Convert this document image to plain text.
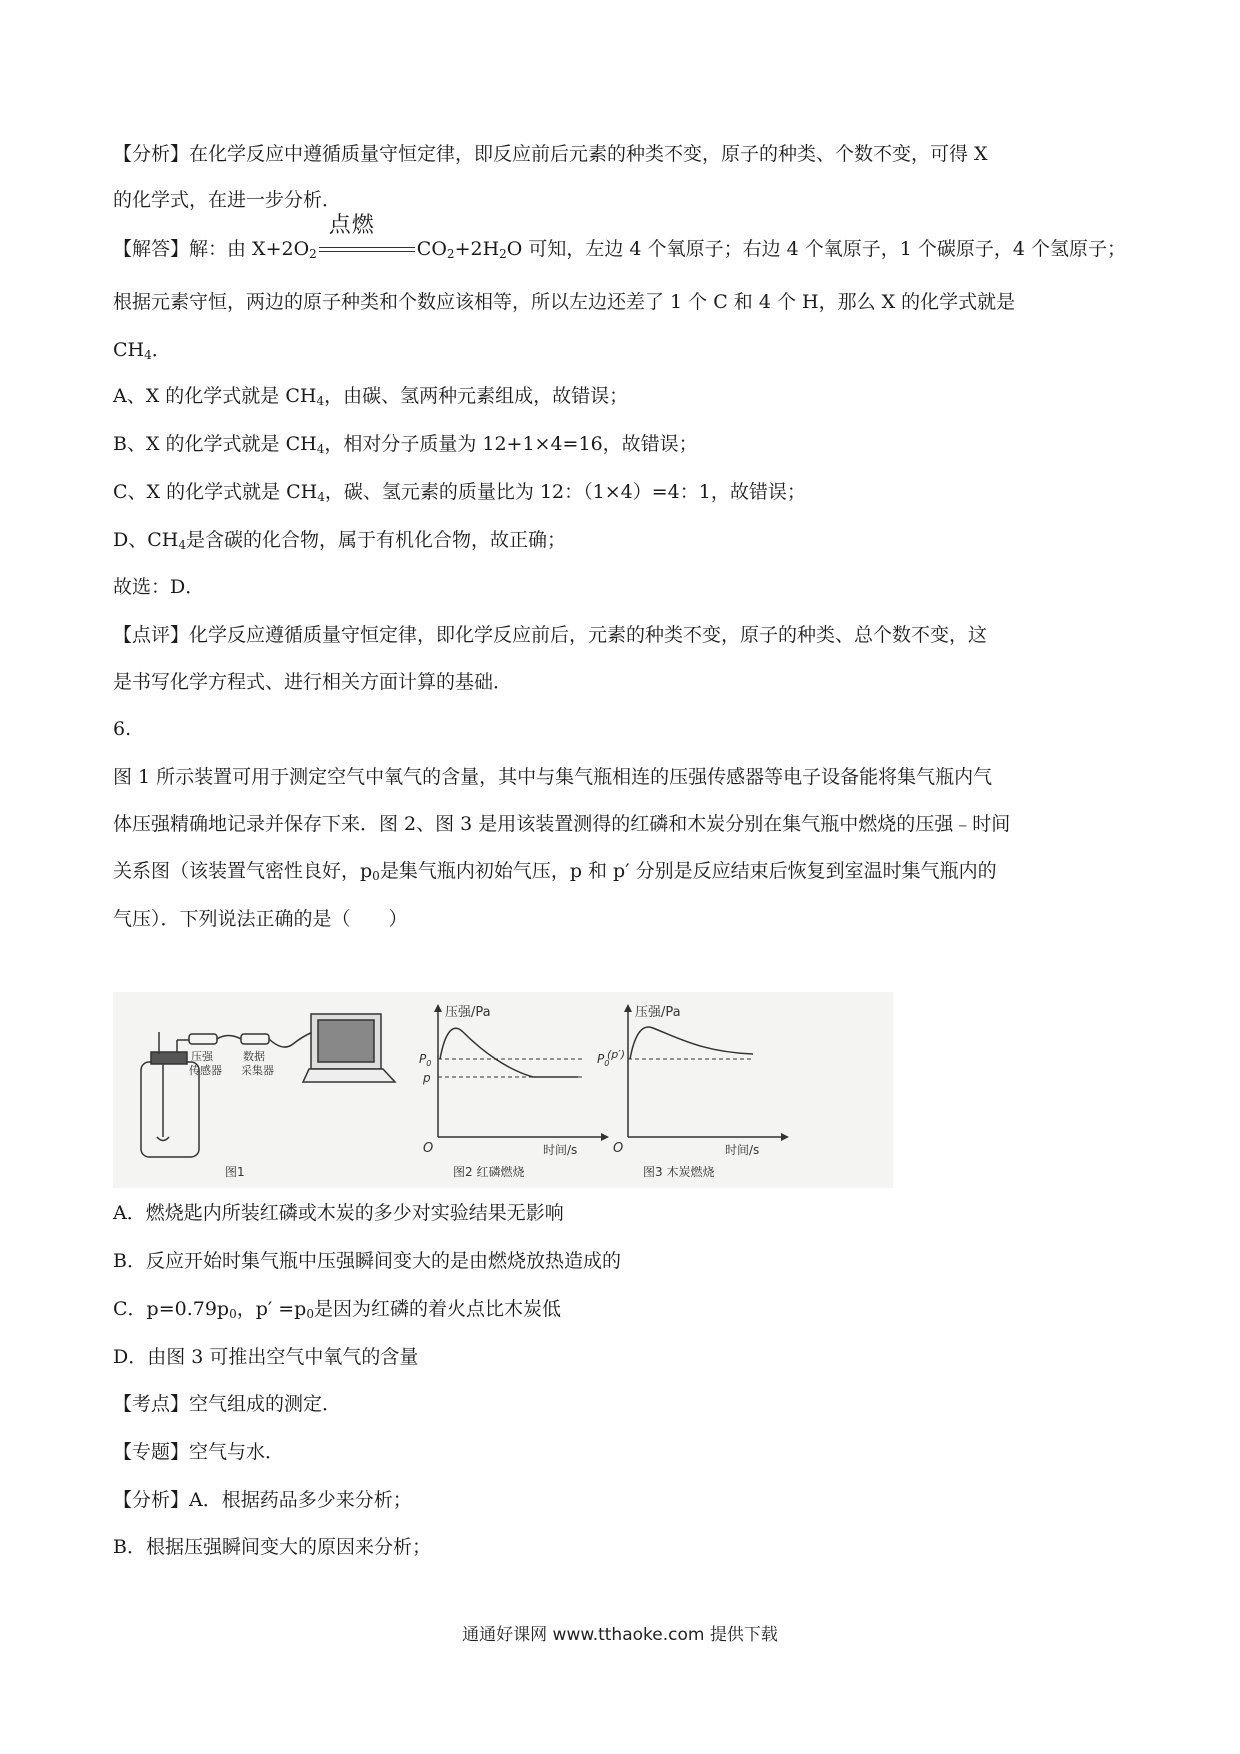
【分析】在化学反应中遵循质量守恒定律，即反应前后元素的种类不变，原子的种类、个数不变，可得 X
的化学式，在进一步分析．
【解答】解：由 $X+2O_2$
点燃
$CO_2+2H_2O$ 可知，左边 4 个氧原子；右边 4 个氧原子，1 个碳原子，4 个氢原子；
根据元素守恒，两边的原子种类和个数应该相等，所以左边还差了 1 个 C 和 4 个 H，那么 X 的化学式就是
$CH_4$．
A、X 的化学式就是 $CH_4$，由碳、氢两种元素组成，故错误；
B、X 的化学式就是 $CH_4$，相对分子质量为 12+1×4=16，故错误；
C、X 的化学式就是 $CH_4$，碳、氢元素的质量比为 12：（1×4）=4：1，故错误；
D、$CH_4$是含碳的化合物，属于有机化合物，故正确；
故选：D．
【点评】化学反应遵循质量守恒定律，即化学反应前后，元素的种类不变，原子的种类、总个数不变，这
是书写化学方程式、进行相关方面计算的基础．
6.
图 1 所示装置可用于测定空气中氧气的含量，其中与集气瓶相连的压强传感器等电子设备能将集气瓶内气
体压强精确地记录并保存下来．图 2、图 3 是用该装置测得的红磷和木炭分别在集气瓶中燃烧的压强﹣时间
关系图（该装置气密性良好，$p_0$是集气瓶内初始气压，p 和 p′ 分别是反应结束后恢复到室温时集气瓶内的
气压）．下列说法正确的是（　　）
压强
传感器
数据
采集器
图1
压强/Pa
时间/s
O
$P_0$
p
图2 红磷燃烧
压强/Pa
时间/s
O
$P_0$
(p′)
图3 木炭燃烧
A．燃烧匙内所装红磷或木炭的多少对实验结果无影响
B．反应开始时集气瓶中压强瞬间变大的是由燃烧放热造成的
C．$p=0.79p_0$，$p' =p_0$是因为红磷的着火点比木炭低
D．由图 3 可推出空气中氧气的含量
【考点】空气组成的测定．
【专题】空气与水．
【分析】A．根据药品多少来分析；
B．根据压强瞬间变大的原因来分析；
通通好课网 www.tthaoke.com 提供下载
